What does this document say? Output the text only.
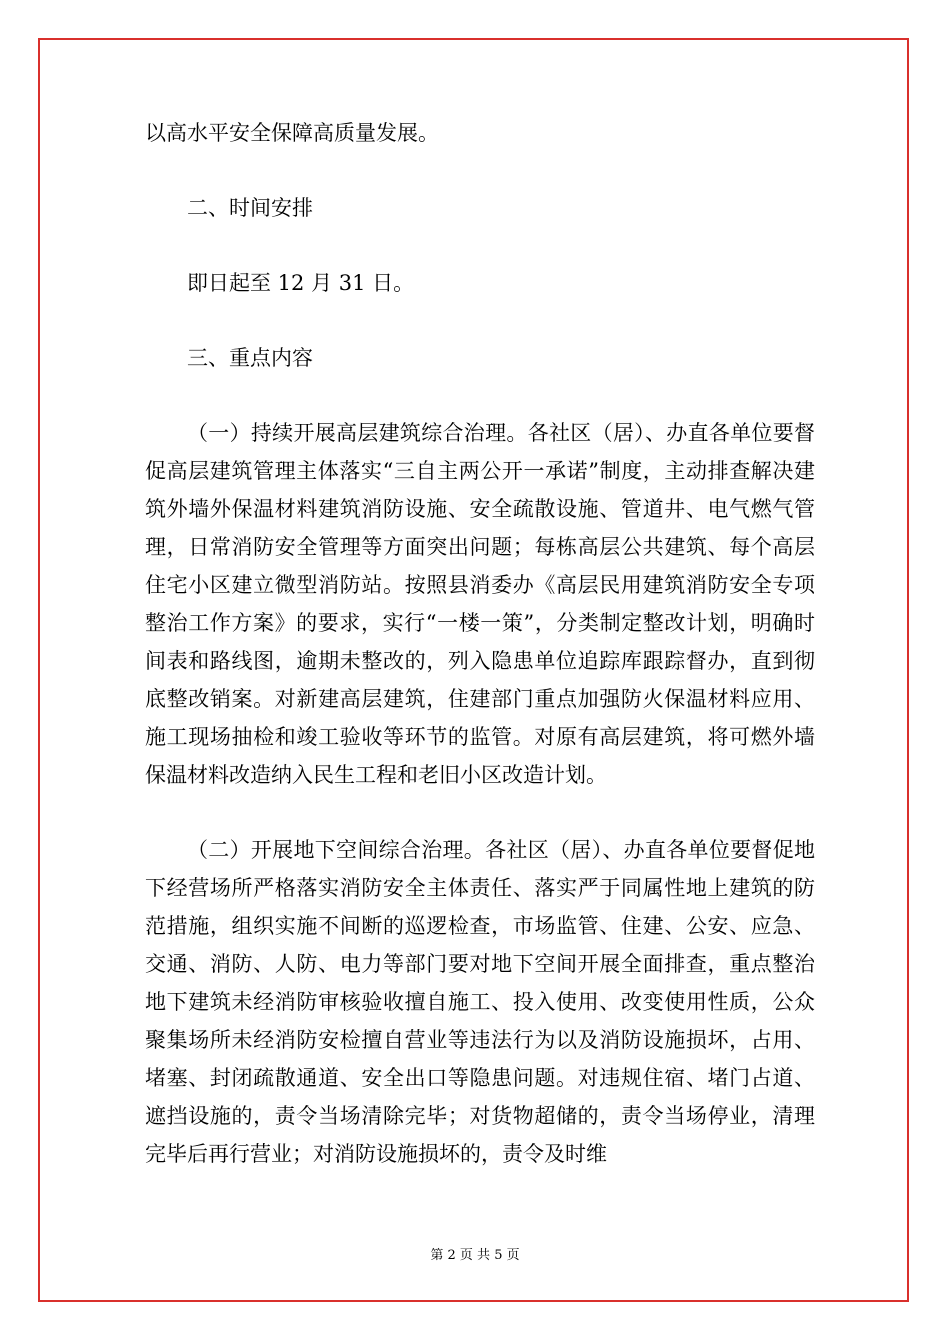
以高水平安全保障高质量发展。

二、时间安排

即日起至 12 月 31 日。

三、重点内容

（一）持续开展高层建筑综合治理。各社区（居）、办直各单位要督促高层建筑管理主体落实“三自主两公开一承诺”制度，主动排查解决建筑外墙外保温材料建筑消防设施、安全疏散设施、管道井、电气燃气管理，日常消防安全管理等方面突出问题；每栋高层公共建筑、每个高层住宅小区建立微型消防站。按照县消委办《高层民用建筑消防安全专项整治工作方案》的要求，实行“一楼一策”，分类制定整改计划，明确时间表和路线图，逾期未整改的，列入隐患单位追踪库跟踪督办，直到彻底整改销案。对新建高层建筑，住建部门重点加强防火保温材料应用、施工现场抽检和竣工验收等环节的监管。对原有高层建筑，将可燃外墙保温材料改造纳入民生工程和老旧小区改造计划。

（二）开展地下空间综合治理。各社区（居）、办直各单位要督促地下经营场所严格落实消防安全主体责任、落实严于同属性地上建筑的防范措施，组织实施不间断的巡逻检查，市场监管、住建、公安、应急、交通、消防、人防、电力等部门要对地下空间开展全面排查，重点整治地下建筑未经消防审核验收擅自施工、投入使用、改变使用性质，公众聚集场所未经消防安检擅自营业等违法行为以及消防设施损坏，占用、堵塞、封闭疏散通道、安全出口等隐患问题。对违规住宿、堵门占道、遮挡设施的，责令当场清除完毕；对货物超储的，责令当场停业，清理完毕后再行营业；对消防设施损坏的，责令及时维

第 2 页 共 5 页
